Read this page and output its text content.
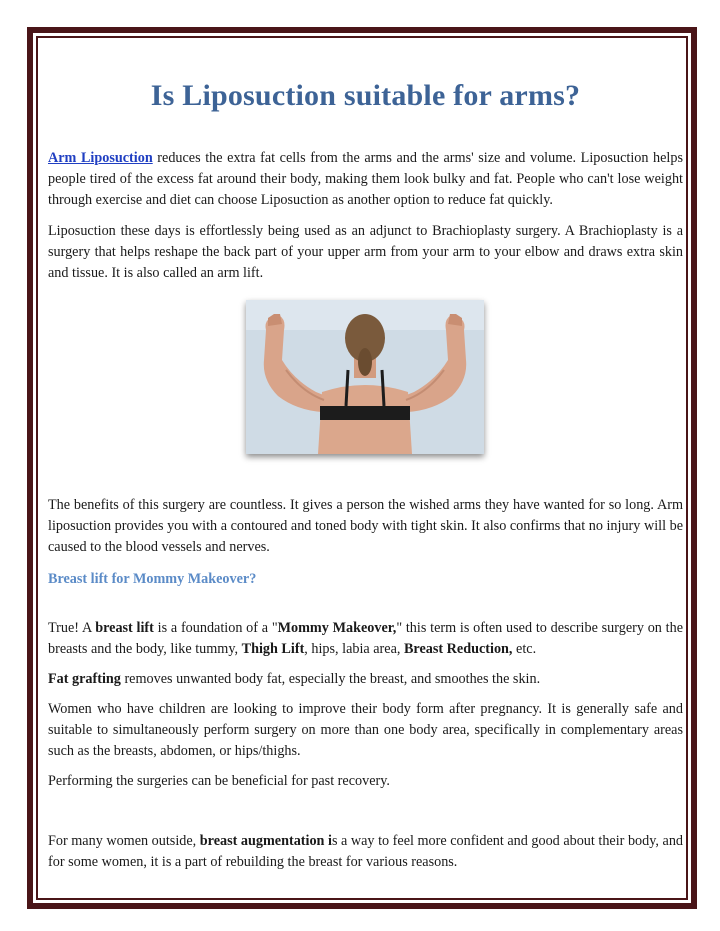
Is Liposuction suitable for arms?

Arm Liposuction reduces the extra fat cells from the arms and the arms' size and volume. Liposuction helps people tired of the excess fat around their body, making them look bulky and fat. People who can't lose weight through exercise and diet can choose Liposuction as another option to reduce fat quickly.

Liposuction these days is effortlessly being used as an adjunct to Brachioplasty surgery. A Brachioplasty is a surgery that helps reshape the back part of your upper arm from your arm to your elbow and draws extra skin and tissue. It is also called an arm lift.

The benefits of this surgery are countless. It gives a person the wished arms they have wanted for so long. Arm liposuction provides you with a contoured and toned body with tight skin. It also confirms that no injury will be caused to the blood vessels and nerves.

Breast lift for Mommy Makeover?

True! A breast lift is a foundation of a "Mommy Makeover," this term is often used to describe surgery on the breasts and the body, like tummy, Thigh Lift, hips, labia area, Breast Reduction, etc.

Fat grafting removes unwanted body fat, especially the breast, and smoothes the skin.

Women who have children are looking to improve their body form after pregnancy. It is generally safe and suitable to simultaneously perform surgery on more than one body area, specifically in complementary areas such as the breasts, abdomen, or hips/thighs.

Performing the surgeries can be beneficial for past recovery.

For many women outside, breast augmentation is a way to feel more confident and good about their body, and for some women, it is a part of rebuilding the breast for various reasons.
